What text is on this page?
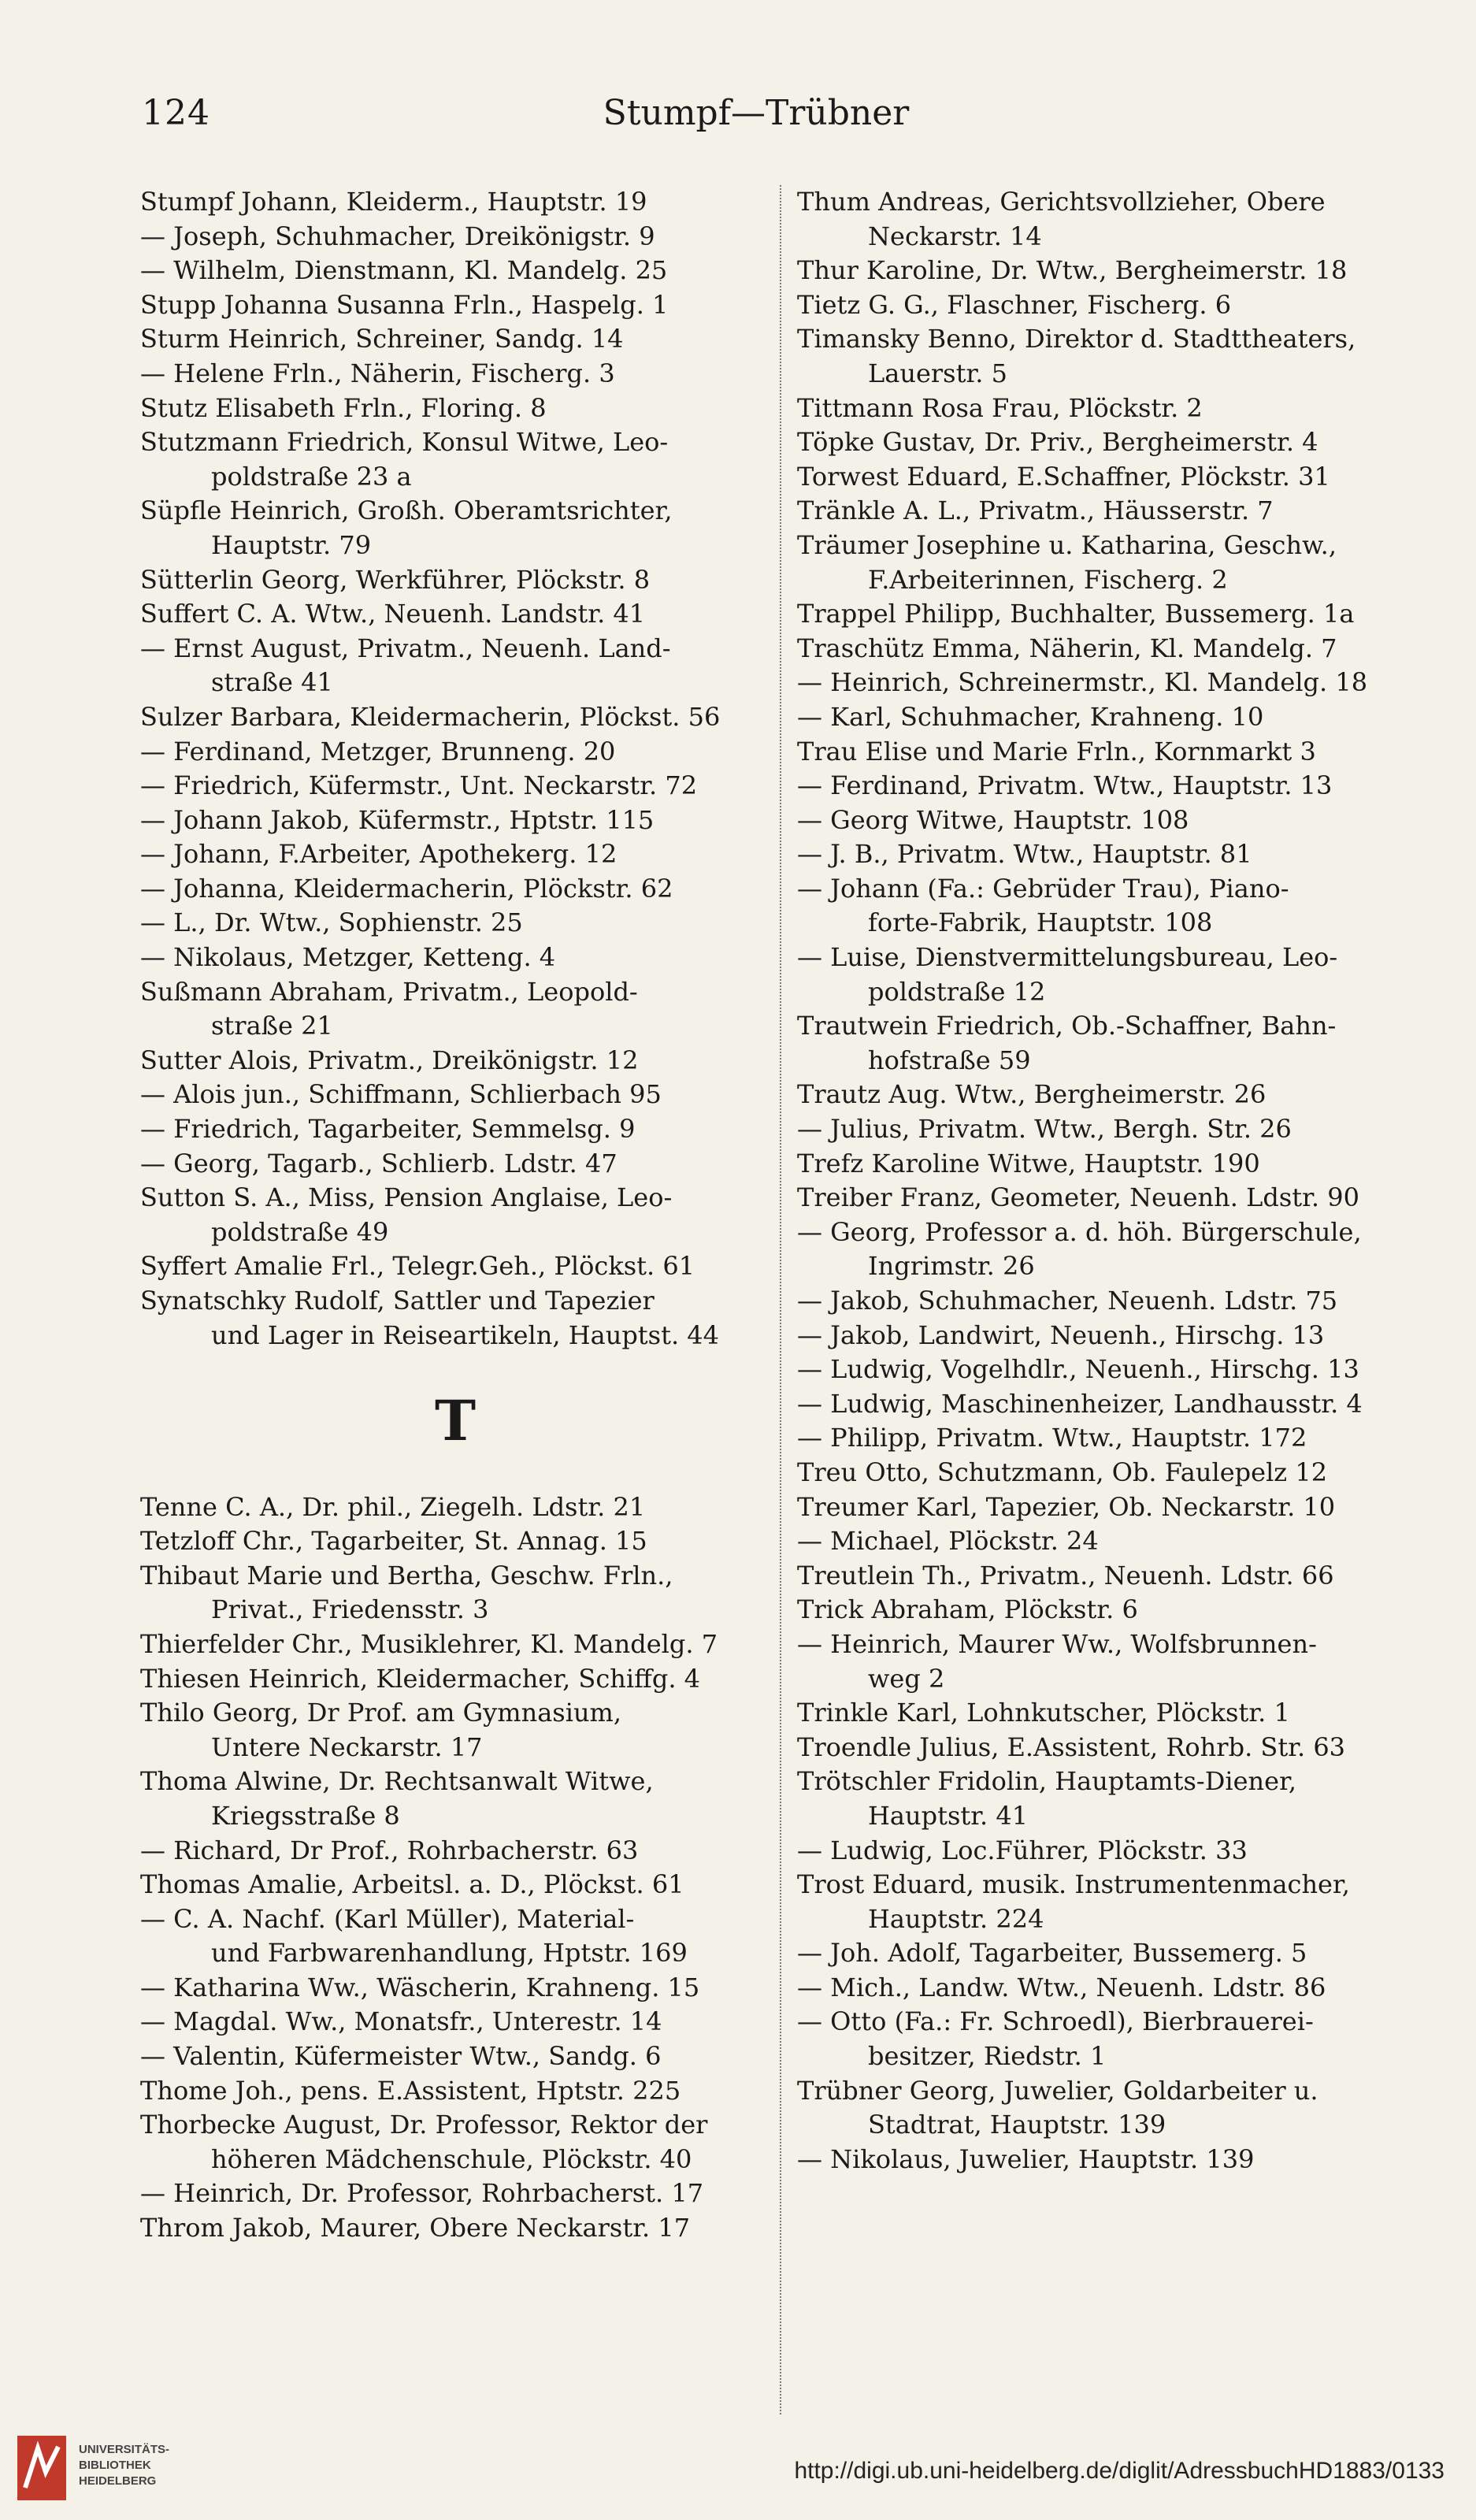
124	Stumpf—Trübner
Stumpf Johann, Kleiderm., Hauptstr. 19
— Joseph, Schuhmacher, Dreikönigstr. 9
— Wilhelm, Dienstmann, Kl. Mandelg. 25
Stupp Johanna Susanna Frln., Haspelg. 1
Sturm Heinrich, Schreiner, Sandg. 14
— Helene Frln., Näherin, Fischerg. 3
Stutz Elisabeth Frln., Floring. 8
Stutzmann Friedrich, Konsul Witwe, Leo-
poldstraße 23 a
Süpfle Heinrich, Großh. Oberamtsrichter,
Hauptstr. 79
Sütterlin Georg, Werkführer, Plöckstr. 8
Suffert C. A. Wtw., Neuenh. Landstr. 41
— Ernst August, Privatm., Neuenh. Land-
straße 41
Sulzer Barbara, Kleidermacherin, Plöckst. 56
— Ferdinand, Metzger, Brunneng. 20
— Friedrich, Küfermstr., Unt. Neckarstr. 72
— Johann Jakob, Küfermstr., Hptstr. 115
— Johann, F.Arbeiter, Apothekerg. 12
— Johanna, Kleidermacherin, Plöckstr. 62
— L., Dr. Wtw., Sophienstr. 25
— Nikolaus, Metzger, Ketteng. 4
Sußmann Abraham, Privatm., Leopold-
straße 21
Sutter Alois, Privatm., Dreikönigstr. 12
— Alois jun., Schiffmann, Schlierbach 95
— Friedrich, Tagarbeiter, Semmelsg. 9
— Georg, Tagarb., Schlierb. Ldstr. 47
Sutton S. A., Miss, Pension Anglaise, Leo-
poldstraße 49
Syffert Amalie Frl., Telegr.Geh., Plöckst. 61
Synatschky Rudolf, Sattler und Tapezier
und Lager in Reiseartikeln, Hauptst. 44
T
Tenne C. A., Dr. phil., Ziegelh. Ldstr. 21
Tetzloff Chr., Tagarbeiter, St. Annag. 15
Thibaut Marie und Bertha, Geschw. Frln.,
Privat., Friedensstr. 3
Thierfelder Chr., Musiklehrer, Kl. Mandelg. 7
Thiesen Heinrich, Kleidermacher, Schiffg. 4
Thilo Georg, Dr Prof. am Gymnasium,
Untere Neckarstr. 17
Thoma Alwine, Dr. Rechtsanwalt Witwe,
Kriegsstraße 8
— Richard, Dr Prof., Rohrbacherstr. 63
Thomas Amalie, Arbeitsl. a. D., Plöckst. 61
— C. A. Nachf. (Karl Müller), Material-
und Farbwarenhandlung, Hptstr. 169
— Katharina Ww., Wäscherin, Krahneng. 15
— Magdal. Ww., Monatsfr., Unterestr. 14
— Valentin, Küfermeister Wtw., Sandg. 6
Thome Joh., pens. E.Assistent, Hptstr. 225
Thorbecke August, Dr. Professor, Rektor der
höheren Mädchenschule, Plöckstr. 40
— Heinrich, Dr. Professor, Rohrbacherst. 17
Throm Jakob, Maurer, Obere Neckarstr. 17
Thum Andreas, Gerichtsvollzieher, Obere
Neckarstr. 14
Thur Karoline, Dr. Wtw., Bergheimerstr. 18
Tietz G. G., Flaschner, Fischerg. 6
Timansky Benno, Direktor d. Stadttheaters,
Lauerstr. 5
Tittmann Rosa Frau, Plöckstr. 2
Töpke Gustav, Dr. Priv., Bergheimerstr. 4
Torwest Eduard, E.Schaffner, Plöckstr. 31
Tränkle A. L., Privatm., Häusserstr. 7
Träumer Josephine u. Katharina, Geschw.,
F.Arbeiterinnen, Fischerg. 2
Trappel Philipp, Buchhalter, Bussemerg. 1a
Traschütz Emma, Näherin, Kl. Mandelg. 7
— Heinrich, Schreinermstr., Kl. Mandelg. 18
— Karl, Schuhmacher, Krahneng. 10
Trau Elise und Marie Frln., Kornmarkt 3
— Ferdinand, Privatm. Wtw., Hauptstr. 13
— Georg Witwe, Hauptstr. 108
— J. B., Privatm. Wtw., Hauptstr. 81
— Johann (Fa.: Gebrüder Trau), Piano-
forte-Fabrik, Hauptstr. 108
— Luise, Dienstvermittelungsbureau, Leo-
poldstraße 12
Trautwein Friedrich, Ob.-Schaffner, Bahn-
hofstraße 59
Trautz Aug. Wtw., Bergheimerstr. 26
— Julius, Privatm. Wtw., Bergh. Str. 26
Trefz Karoline Witwe, Hauptstr. 190
Treiber Franz, Geometer, Neuenh. Ldstr. 90
— Georg, Professor a. d. höh. Bürgerschule,
Ingrimstr. 26
— Jakob, Schuhmacher, Neuenh. Ldstr. 75
— Jakob, Landwirt, Neuenh., Hirschg. 13
— Ludwig, Vogelhdlr., Neuenh., Hirschg. 13
— Ludwig, Maschinenheizer, Landhausstr. 4
— Philipp, Privatm. Wtw., Hauptstr. 172
Treu Otto, Schutzmann, Ob. Faulepelz 12
Treumer Karl, Tapezier, Ob. Neckarstr. 10
— Michael, Plöckstr. 24
Treutlein Th., Privatm., Neuenh. Ldstr. 66
Trick Abraham, Plöckstr. 6
— Heinrich, Maurer Ww., Wolfsbrunnen-
weg 2
Trinkle Karl, Lohnkutscher, Plöckstr. 1
Troendle Julius, E.Assistent, Rohrb. Str. 63
Trötschler Fridolin, Hauptamts-Diener,
Hauptstr. 41
— Ludwig, Loc.Führer, Plöckstr. 33
Trost Eduard, musik. Instrumentenmacher,
Hauptstr. 224
— Joh. Adolf, Tagarbeiter, Bussemerg. 5
— Mich., Landw. Wtw., Neuenh. Ldstr. 86
— Otto (Fa.: Fr. Schroedl), Bierbrauerei-
besitzer, Riedstr. 1
Trübner Georg, Juwelier, Goldarbeiter u.
Stadtrat, Hauptstr. 139
— Nikolaus, Juwelier, Hauptstr. 139
UNIVERSITÄTS-
BIBLIOTHEK
HEIDELBERG	http://digi.ub.uni-heidelberg.de/diglit/AdressbuchHD1883/0133
